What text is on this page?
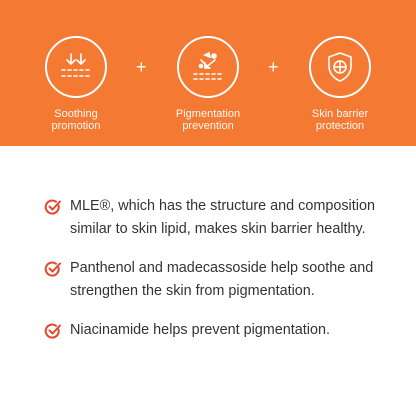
Soothing
promotion
+
Pigmentation
prevention
+
Skin barrier
protection
MLE®, which has the structure and composition similar to skin lipid, makes skin barrier healthy.
Panthenol and madecassoside help soothe and strengthen the skin from pigmentation.
Niacinamide helps prevent pigmentation.
